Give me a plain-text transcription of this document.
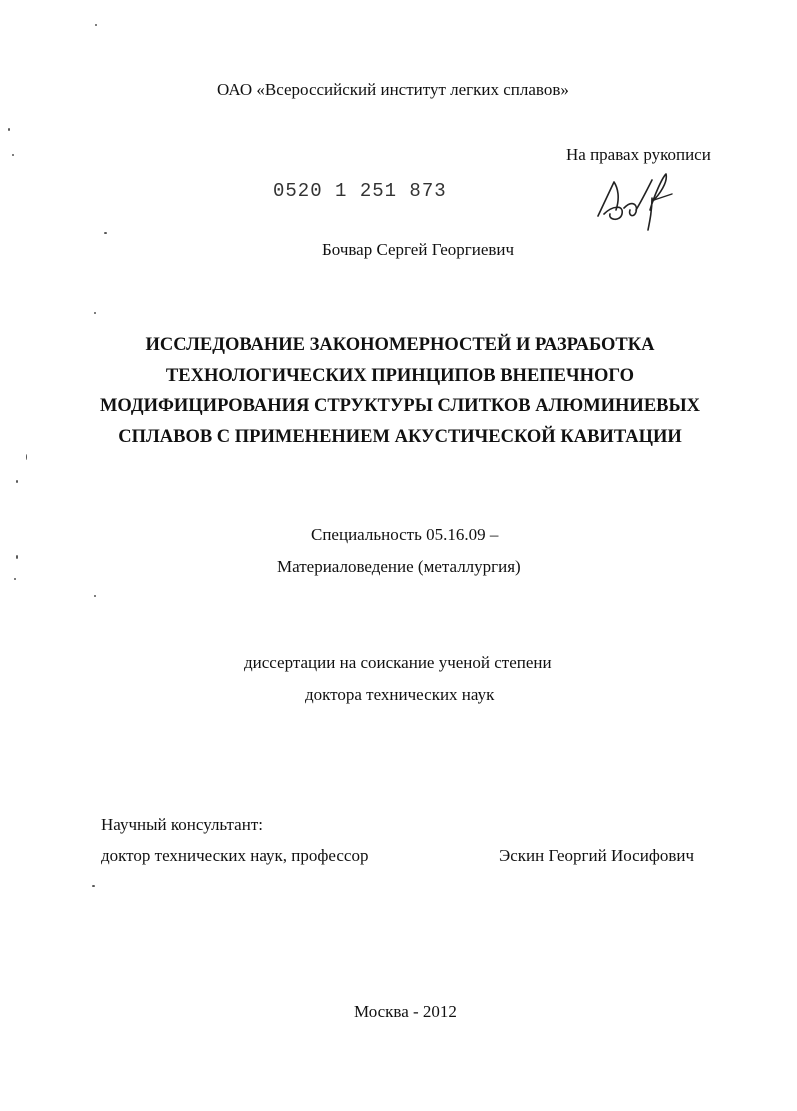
ОАО «Всероссийский институт легких сплавов»
На правах рукописи
0520 1 251 873
Бочвар Сергей Георгиевич
ИССЛЕДОВАНИЕ ЗАКОНОМЕРНОСТЕЙ И РАЗРАБОТКА
ТЕХНОЛОГИЧЕСКИХ ПРИНЦИПОВ ВНЕПЕЧНОГО
МОДИФИЦИРОВАНИЯ СТРУКТУРЫ СЛИТКОВ АЛЮМИНИЕВЫХ
СПЛАВОВ С ПРИМЕНЕНИЕМ АКУСТИЧЕСКОЙ КАВИТАЦИИ
Специальность 05.16.09 –
Материаловедение (металлургия)
диссертации на соискание ученой степени
доктора технических наук
Научный консультант:
доктор технических наук, профессор	Эскин Георгий Иосифович
Москва - 2012
